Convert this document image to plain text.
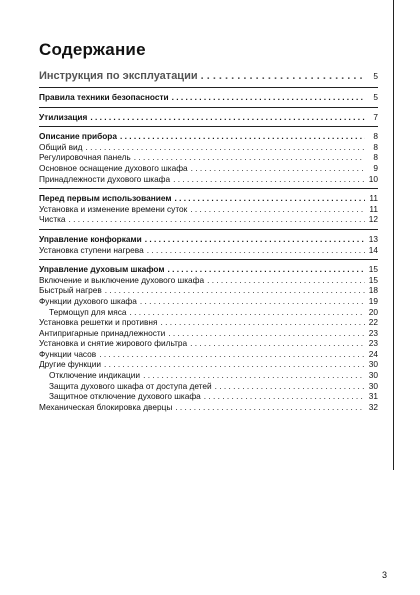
Содержание
Инструкция по эксплуатации . . .	5
Правила техники безопасности . . .	5
Утилизация . . .	7
Описание прибора . . .	8
Общий вид . . .	8
Регулировочная панель . . .	8
Основное оснащение духового шкафа . . .	9
Принадлежности духового шкафа . . .	10
Перед первым использованием . . .	11
Установка и изменение времени суток . . .	11
Чистка . . .	12
Управление конфорками . . .	13
Установка ступени нагрева . . .	14
Управление духовым шкафом . . .	15
Включение и выключение духового шкафа . . .	15
Быстрый нагрев . . .	18
Функции духового шкафа . . .	19
Термощуп для мяса . . .	20
Установка решетки и противня . . .	22
Антипригарные принадлежности . . .	23
Установка и снятие жирового фильтра . . .	23
Функции часов . . .	24
Другие функции . . .	30
Отключение индикации . . .	30
Защита духового шкафа от доступа детей . . .	30
Защитное отключение духового шкафа . . .	31
Механическая блокировка дверцы . . .	32
3
